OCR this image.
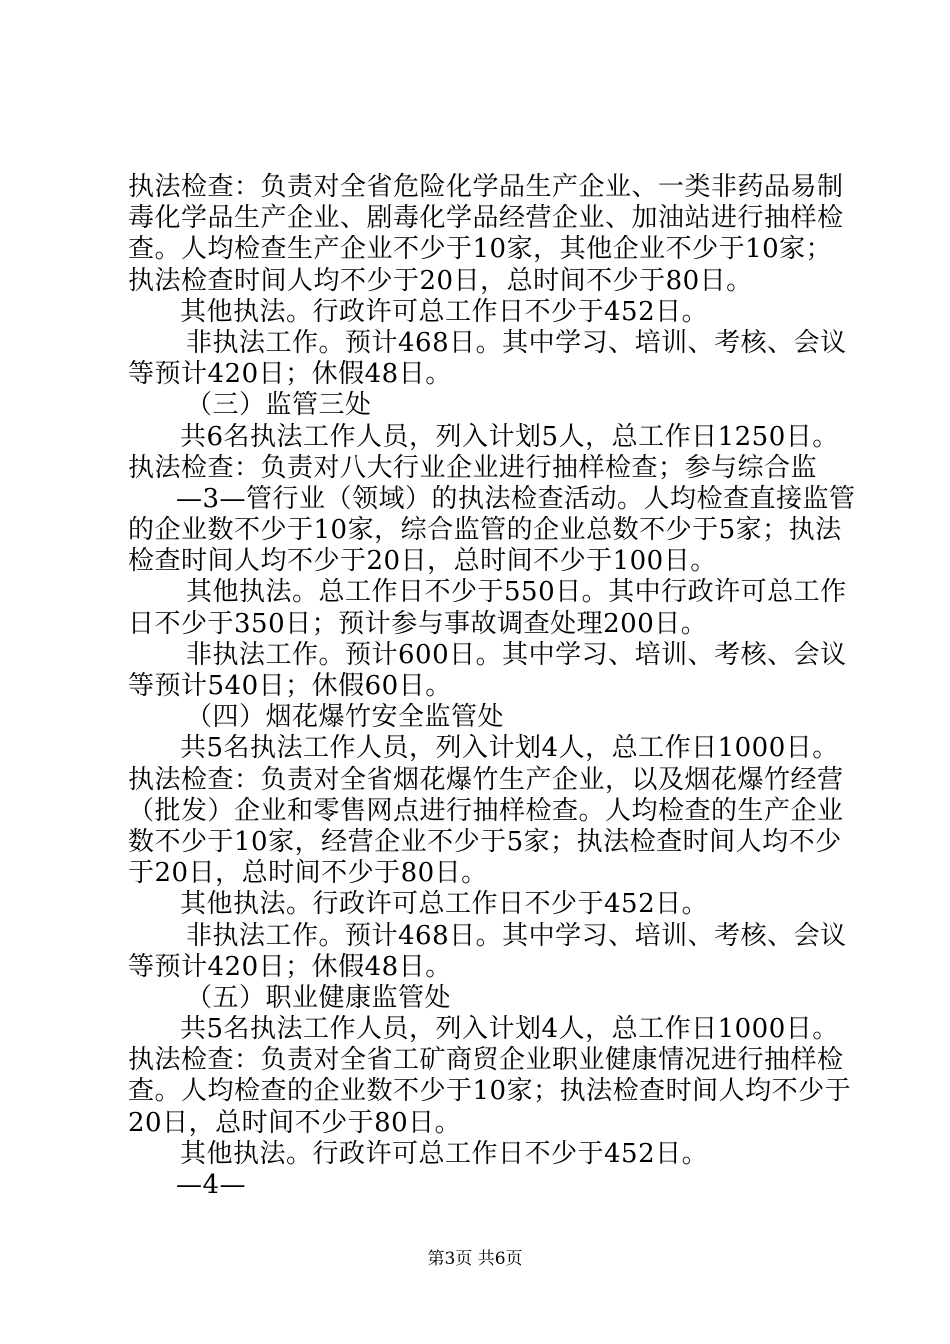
执法检查：负责对全省危险化学品生产企业、一类非药品易制
毒化学品生产企业、剧毒化学品经营企业、加油站进行抽样检
查。人均检查生产企业不少于10家，其他企业不少于10家；
执法检查时间人均不少于20日，总时间不少于80日。
其他执法。行政许可总工作日不少于452日。
非执法工作。预计468日。其中学习、培训、考核、会议
等预计420日；休假48日。
（三）监管三处
共6名执法工作人员，列入计划5人，总工作日1250日。
执法检查：负责对八大行业企业进行抽样检查；参与综合监
—3—管行业（领域）的执法检查活动。人均检查直接监管
的企业数不少于10家，综合监管的企业总数不少于5家；执法
检查时间人均不少于20日，总时间不少于100日。
其他执法。总工作日不少于550日。其中行政许可总工作
日不少于350日；预计参与事故调查处理200日。
非执法工作。预计600日。其中学习、培训、考核、会议
等预计540日；休假60日。
（四）烟花爆竹安全监管处
共5名执法工作人员，列入计划4人，总工作日1000日。
执法检查：负责对全省烟花爆竹生产企业，以及烟花爆竹经营
（批发）企业和零售网点进行抽样检查。人均检查的生产企业
数不少于10家，经营企业不少于5家；执法检查时间人均不少
于20日，总时间不少于80日。
其他执法。行政许可总工作日不少于452日。
非执法工作。预计468日。其中学习、培训、考核、会议
等预计420日；休假48日。
（五）职业健康监管处
共5名执法工作人员，列入计划4人，总工作日1000日。
执法检查：负责对全省工矿商贸企业职业健康情况进行抽样检
查。人均检查的企业数不少于10家；执法检查时间人均不少于
20日，总时间不少于80日。
其他执法。行政许可总工作日不少于452日。
—4—
第3页 共6页
